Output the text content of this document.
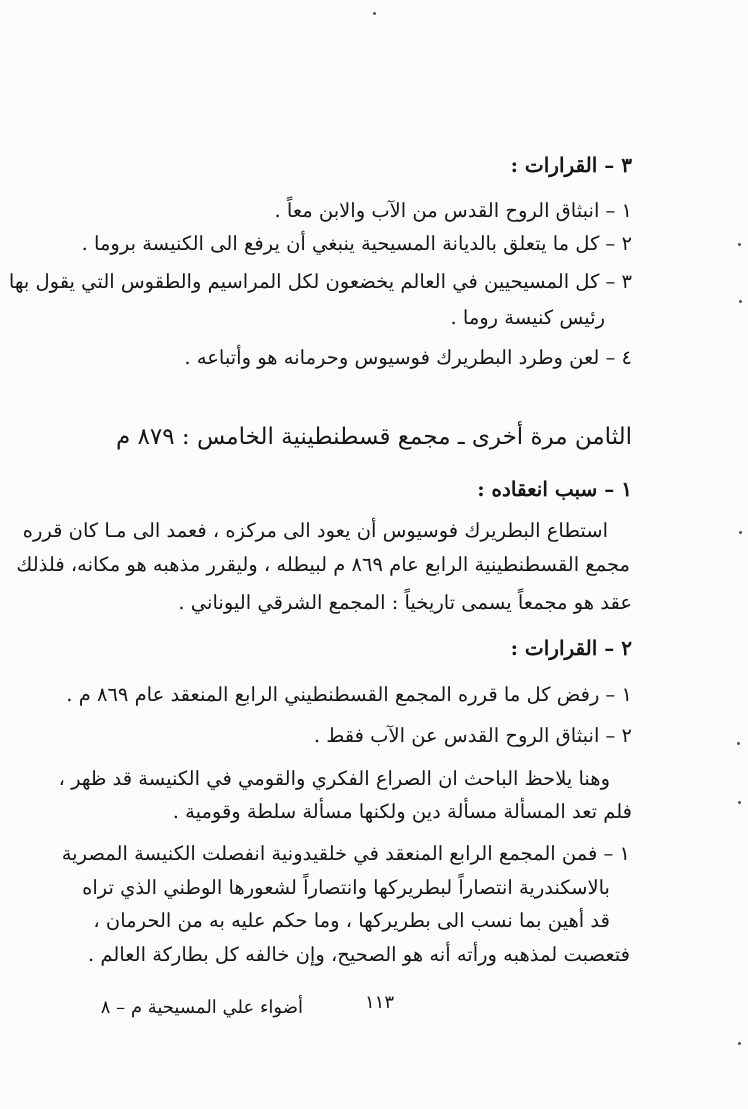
٣ – القرارات :
١ – انبثاق الروح القدس من الآب والابن معاً .
٢ – كل ما يتعلق بالديانة المسيحية ينبغي أن يرفع الى الكنيسة بروما .
٣ – كل المسيحيين في العالم يخضعون لكل المراسيم والطقوس التي يقول بها
رئيس كنيسة روما .
٤ – لعن وطرد البطريرك فوسيوس وحرمانه هو وأتباعه .
الثامن مرة أخرى ـ مجمع قسطنطينية الخامس : ٨٧٩ م
١ – سبب انعقاده :
استطاع البطريرك فوسيوس أن يعود الى مركزه ، فعمد الى مـا كان قرره
مجمع القسطنطينية الرابع عام ٨٦٩ م لبيطله ، وليقرر مذهبه هو مكانه، فلذلك
عقد هو مجمعاً يسمى تاريخياً : المجمع الشرقي اليوناني .
٢ – القرارات :
١ – رفض كل ما قرره المجمع القسطنطيني الرابع المنعقد عام ٨٦٩ م .
٢ – انبثاق الروح القدس عن الآب فقط .
وهنا يلاحظ الباحث ان الصراع الفكري والقومي في الكنيسة قد ظهر ،
فلم تعد المسألة مسألة دين ولكنها مسألة سلطة وقومية .
١ – فمن المجمع الرابع المنعقد في خلقيدونية انفصلت الكنيسة المصرية
بالاسكندرية انتصاراً لبطريركها وانتصاراً لشعورها الوطني الذي تراه
قد أهين بما نسب الى بطريركها ، وما حكم عليه به من الحرمان ،
فتعصبت لمذهبه ورأته أنه هو الصحيح، وإن خالفه كل بطاركة العالم .
١١٣
أضواء علي المسيحية م – ٨
